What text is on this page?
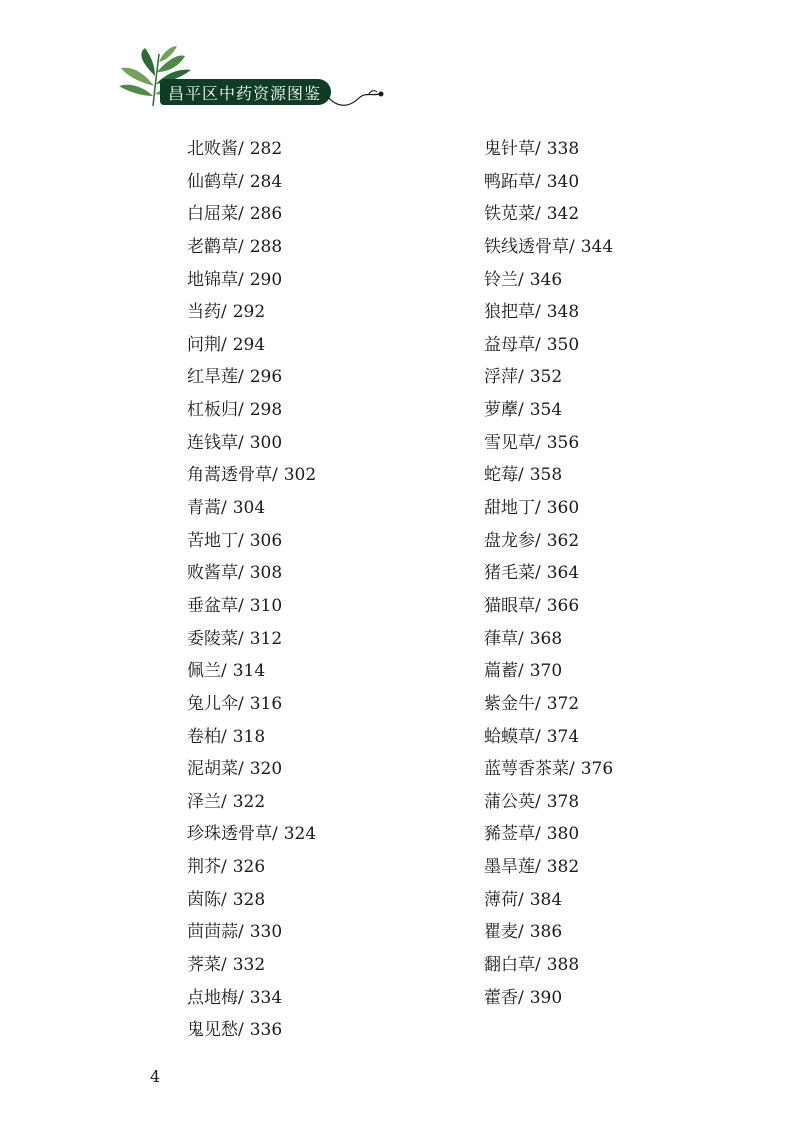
昌平区中药资源图鉴
北败酱/ 282
仙鹤草/ 284
白屈菜/ 286
老鹳草/ 288
地锦草/ 290
当药/ 292
问荆/ 294
红旱莲/ 296
杠板归/ 298
连钱草/ 300
角蒿透骨草/ 302
青蒿/ 304
苦地丁/ 306
败酱草/ 308
垂盆草/ 310
委陵菜/ 312
佩兰/ 314
兔儿伞/ 316
卷柏/ 318
泥胡菜/ 320
泽兰/ 322
珍珠透骨草/ 324
荆芥/ 326
茵陈/ 328
茴茴蒜/ 330
荠菜/ 332
点地梅/ 334
鬼见愁/ 336
鬼针草/ 338
鸭跖草/ 340
铁苋菜/ 342
铁线透骨草/ 344
铃兰/ 346
狼把草/ 348
益母草/ 350
浮萍/ 352
萝藦/ 354
雪见草/ 356
蛇莓/ 358
甜地丁/ 360
盘龙参/ 362
猪毛菜/ 364
猫眼草/ 366
葎草/ 368
萹蓄/ 370
紫金牛/ 372
蛤蟆草/ 374
蓝萼香茶菜/ 376
蒲公英/ 378
豨莶草/ 380
墨旱莲/ 382
薄荷/ 384
瞿麦/ 386
翻白草/ 388
藿香/ 390
4
